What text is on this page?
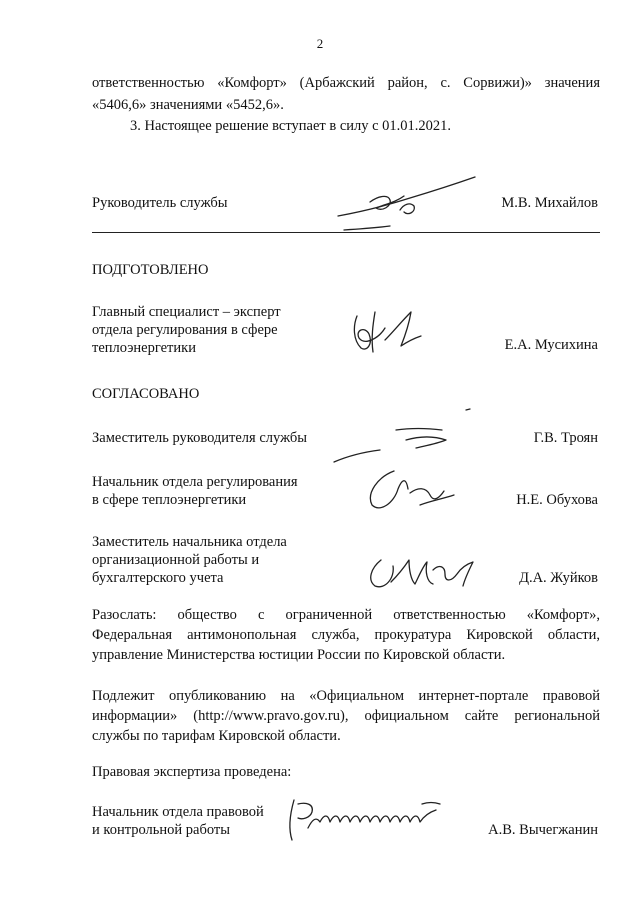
2
ответственностью «Комфорт» (Арбажский район, с. Сорвижи)» значения
«5406,6» значениями «5452,6».
3. Настоящее решение вступает в силу с 01.01.2021.
Руководитель службы	М.В. Михайлов
ПОДГОТОВЛЕНО
Главный специалист – эксперт
отдела регулирования в сфере
теплоэнергетики	Е.А. Мусихина
СОГЛАСОВАНО
Заместитель руководителя службы	Г.В. Троян
Начальник отдела регулирования
в сфере теплоэнергетики	Н.Е. Обухова
Заместитель начальника отдела
организационной работы и
бухгалтерского учета	Д.А. Жуйков
Разослать: общество с ограниченной ответственностью «Комфорт»,
Федеральная антимонопольная служба, прокуратура Кировской области,
управление Министерства юстиции России по Кировской области.
Подлежит опубликованию на «Официальном интернет-портале правовой
информации» (http://www.pravo.gov.ru), официальном сайте региональной
службы по тарифам Кировской области.
Правовая экспертиза проведена:
Начальник отдела правовой
и контрольной работы	А.В. Вычегжанин
